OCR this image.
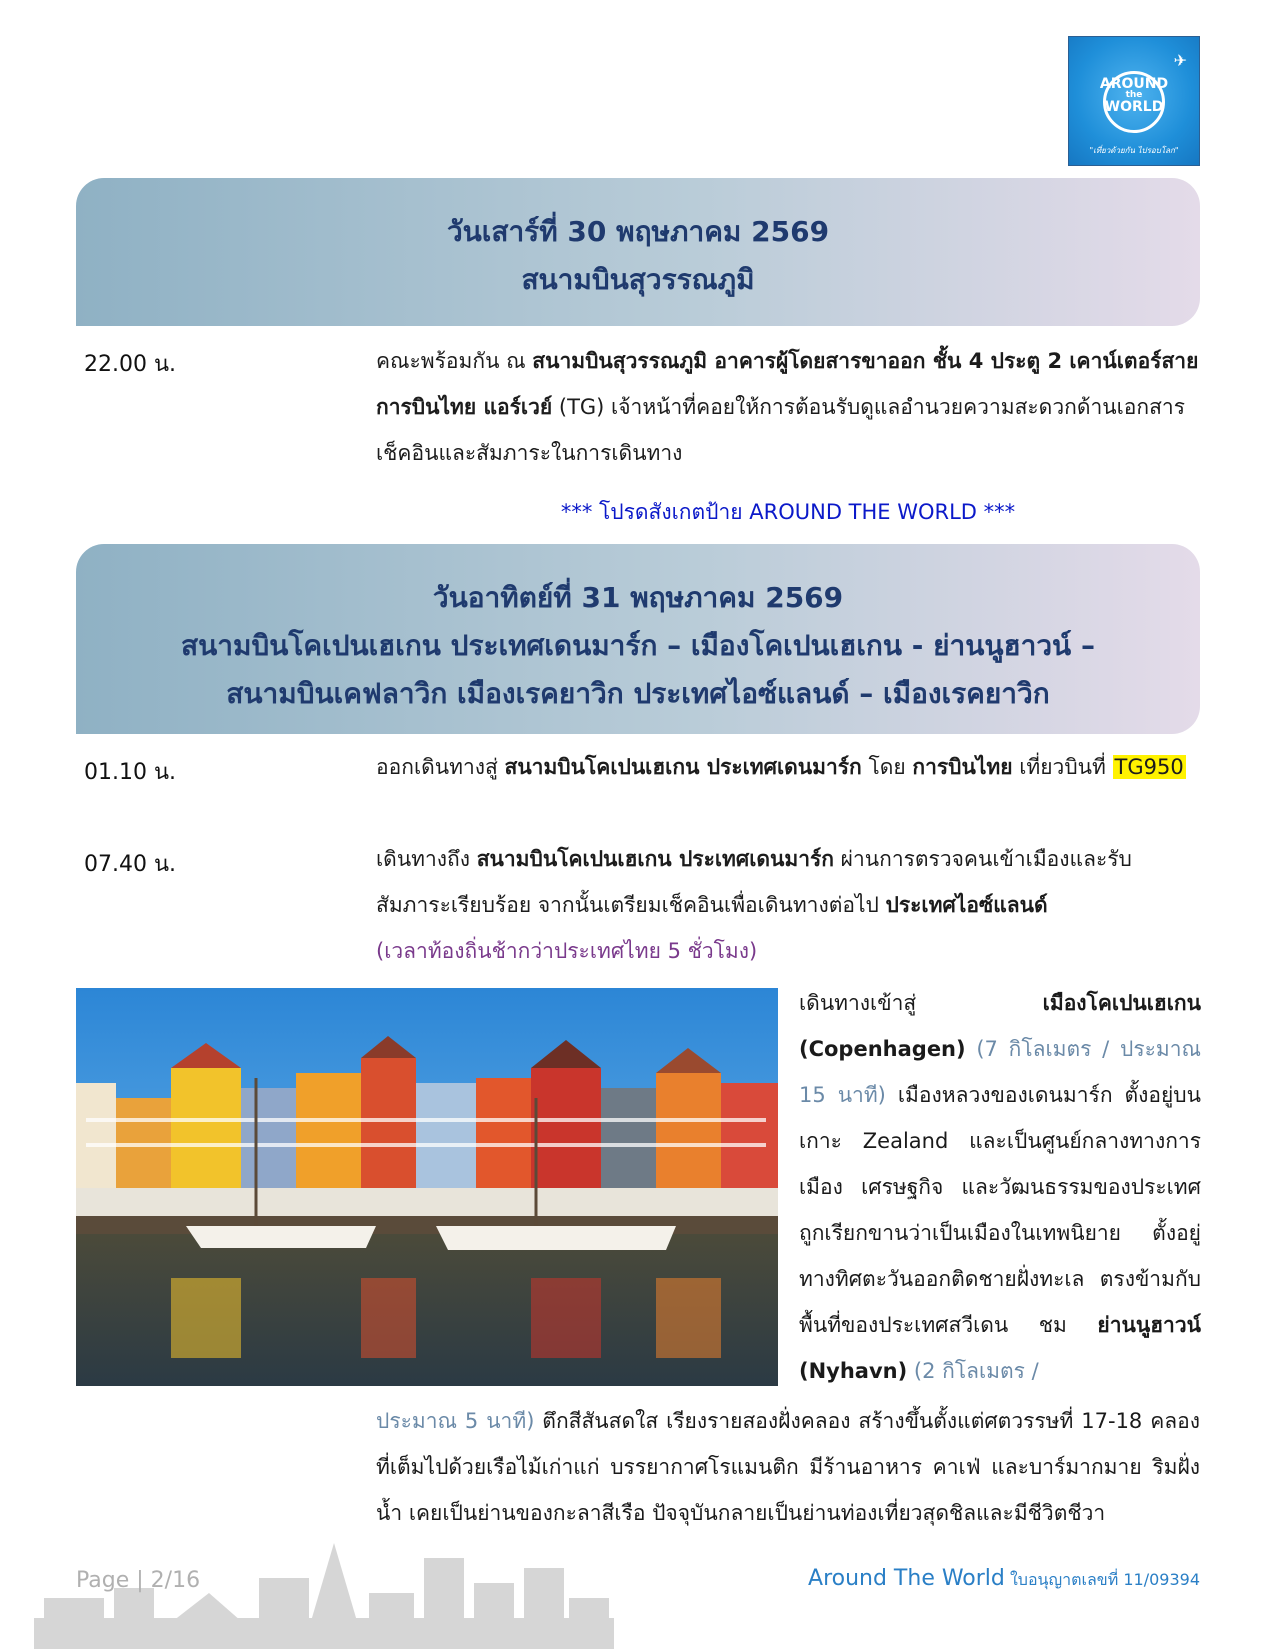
✈
AROUND
the
WORLD
"เที่ยวด้วยกัน ไปรอบโลก"
วันเสาร์ที่ 30 พฤษภาคม 2569
สนามบินสุวรรณภูมิ
22.00 น.	คณะพร้อมกัน ณ สนามบินสุวรรณภูมิ อาคารผู้โดยสารขาออก ชั้น 4 ประตู 2 เคาน์เตอร์สายการบินไทย แอร์เวย์ (TG) เจ้าหน้าที่คอยให้การต้อนรับดูแลอำนวยความสะดวกด้านเอกสารเช็คอินและสัมภาระในการเดินทาง
*** โปรดสังเกตป้าย AROUND THE WORLD ***
วันอาทิตย์ที่ 31 พฤษภาคม 2569
สนามบินโคเปนเฮเกน ประเทศเดนมาร์ก – เมืองโคเปนเฮเกน - ย่านนูฮาวน์ –
สนามบินเคฟลาวิก เมืองเรคยาวิก ประเทศไอซ์แลนด์ – เมืองเรคยาวิก
01.10 น.	ออกเดินทางสู่ สนามบินโคเปนเฮเกน ประเทศเดนมาร์ก โดย การบินไทย เที่ยวบินที่ TG950
07.40 น.	เดินทางถึง สนามบินโคเปนเฮเกน ประเทศเดนมาร์ก ผ่านการตรวจคนเข้าเมืองและรับสัมภาระเรียบร้อย จากนั้นเตรียมเช็คอินเพื่อเดินทางต่อไป ประเทศไอซ์แลนด์
(เวลาท้องถิ่นช้ากว่าประเทศไทย 5 ชั่วโมง)
เดินทางเข้าสู่ เมืองโคเปนเฮเกน (Copenhagen) (7 กิโลเมตร / ประมาณ 15 นาที) เมืองหลวงของเดนมาร์ก ตั้งอยู่บนเกาะ Zealand และเป็นศูนย์กลางทางการเมือง เศรษฐกิจ และวัฒนธรรมของประเทศ ถูกเรียกขานว่าเป็นเมืองในเทพนิยาย ตั้งอยู่ทางทิศตะวันออกติดชายฝั่งทะเล ตรงข้ามกับพื้นที่ของประเทศสวีเดน ชม ย่านนูฮาวน์ (Nyhavn) (2 กิโลเมตร /
ประมาณ 5 นาที) ตึกสีสันสดใส เรียงรายสองฝั่งคลอง สร้างขึ้นตั้งแต่ศตวรรษที่ 17-18 คลองที่เต็มไปด้วยเรือไม้เก่าแก่ บรรยากาศโรแมนติก มีร้านอาหาร คาเฟ่ และบาร์มากมาย ริมฝั่งน้ำ เคยเป็นย่านของกะลาสีเรือ ปัจจุบันกลายเป็นย่านท่องเที่ยวสุดชิลและมีชีวิตชีวา
Page | 2/16	Around The World ใบอนุญาตเลขที่ 11/09394
